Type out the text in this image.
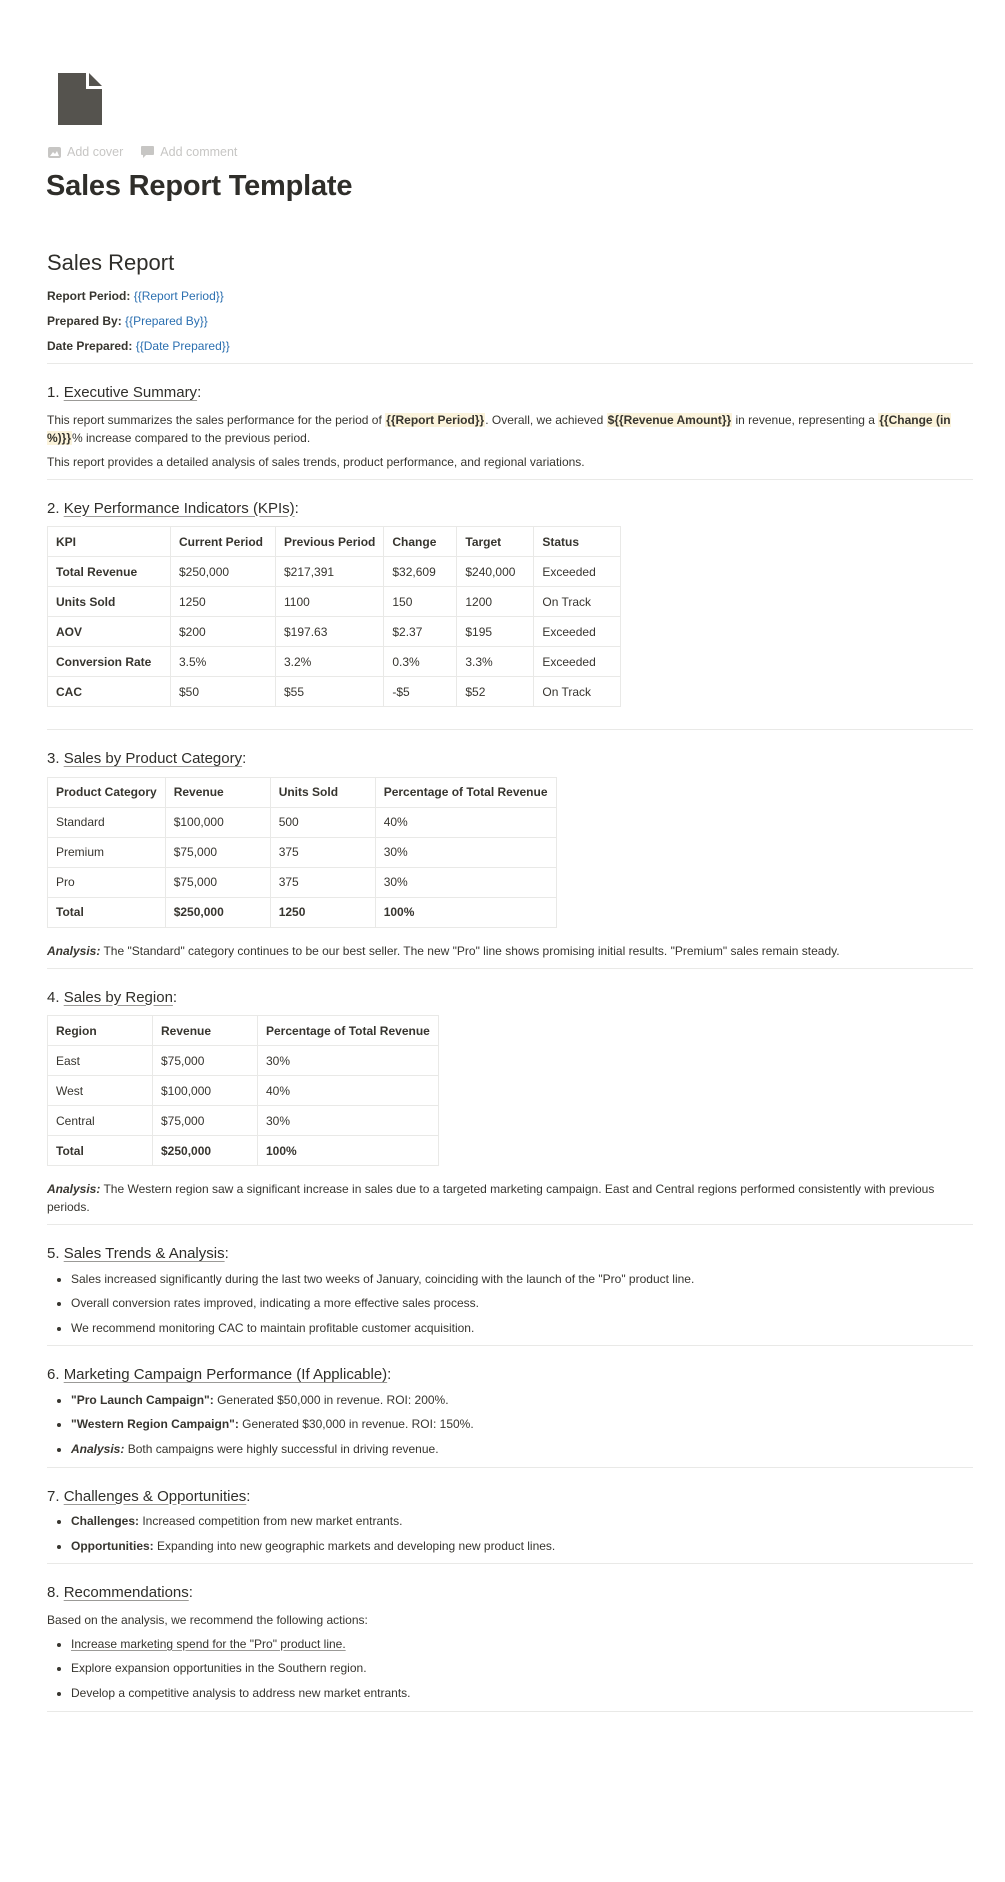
Add cover	Add comment
Sales Report Template
Sales Report

Report Period: {{Report Period}}

Prepared By: {{Prepared By}}

Date Prepared: {{Date Prepared}}

1. Executive Summary:

This report summarizes the sales performance for the period of {{Report Period}}. Overall, we achieved ${{Revenue Amount}} in revenue, representing a {{Change (in %)}}% increase compared to the previous period.

This report provides a detailed analysis of sales trends, product performance, and regional variations.

2. Key Performance Indicators (KPIs):
KPI	Current Period	Previous Period	Change	Target	Status
Total Revenue	$250,000	$217,391	$32,609	$240,000	Exceeded
Units Sold	1250	1100	150	1200	On Track
AOV	$200	$197.63	$2.37	$195	Exceeded
Conversion Rate	3.5%	3.2%	0.3%	3.3%	Exceeded
CAC	$50	$55	-$5	$52	On Track
3. Sales by Product Category:
Product Category	Revenue	Units Sold	Percentage of Total Revenue
Standard	$100,000	500	40%
Premium	$75,000	375	30%
Pro	$75,000	375	30%
Total	$250,000	1250	100%

Analysis: The "Standard" category continues to be our best seller. The new "Pro" line shows promising initial results. "Premium" sales remain steady.

4. Sales by Region:
Region	Revenue	Percentage of Total Revenue
East	$75,000	30%
West	$100,000	40%
Central	$75,000	30%
Total	$250,000	100%

Analysis: The Western region saw a significant increase in sales due to a targeted marketing campaign. East and Central regions performed consistently with previous periods.

5. Sales Trends & Analysis:
• Sales increased significantly during the last two weeks of January, coinciding with the launch of the "Pro" product line.
• Overall conversion rates improved, indicating a more effective sales process.
• We recommend monitoring CAC to maintain profitable customer acquisition.
6. Marketing Campaign Performance (If Applicable):
• "Pro Launch Campaign": Generated $50,000 in revenue. ROI: 200%.
• "Western Region Campaign": Generated $30,000 in revenue. ROI: 150%.
• Analysis: Both campaigns were highly successful in driving revenue.
7. Challenges & Opportunities:
• Challenges: Increased competition from new market entrants.
• Opportunities: Expanding into new geographic markets and developing new product lines.
8. Recommendations:

Based on the analysis, we recommend the following actions:

• Increase marketing spend for the "Pro" product line.
• Explore expansion opportunities in the Southern region.
• Develop a competitive analysis to address new market entrants.
